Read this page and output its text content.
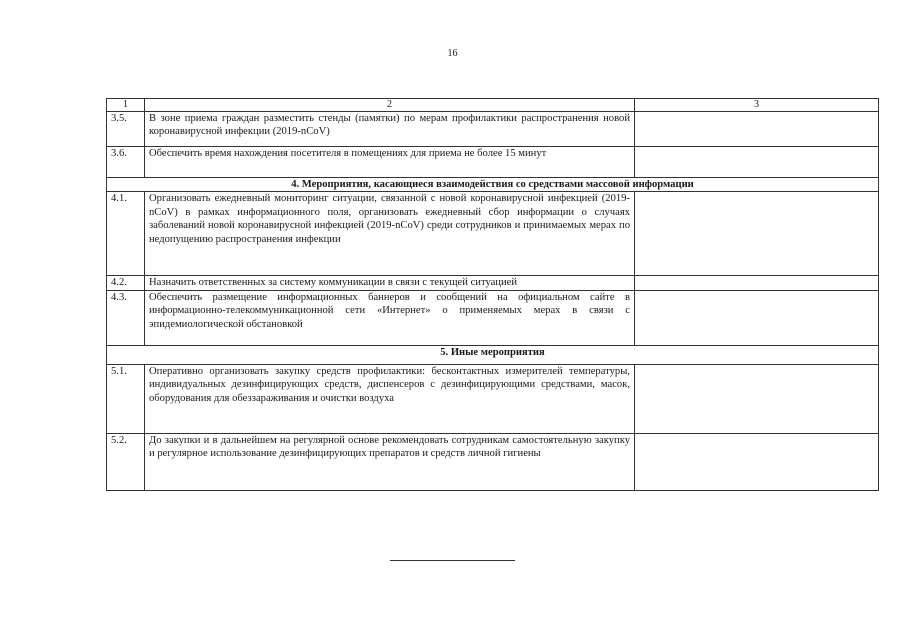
16
1	2	3
3.5.	В зоне приема граждан разместить стенды (памятки) по мерам профилактики распространения новой коронавирусной инфекции (2019-nCoV)	
3.6.	Обеспечить время нахождения посетителя в помещениях для приема не более 15 минут	
4. Мероприятия, касающиеся взаимодействия со средствами массовой информации		
4.1.	Организовать ежедневный мониторинг ситуации, связанной с новой коронавирусной инфекцией (2019-nCoV) в рамках информационного поля, организовать ежедневный сбор информации о случаях заболеваний новой коронавирусной инфекцией (2019-nCoV) среди сотрудников и принимаемых мерах по недопущению распространения инфекции	
4.2.	Назначить ответственных за систему коммуникации в связи с текущей ситуацией	
4.3.	Обеспечить размещение информационных баннеров и сообщений на официальном сайте в информационно-телекоммуникационной сети «Интернет» о применяемых мерах в связи с эпидемиологической обстановкой	
5. Иные мероприятия		
5.1.	Оперативно организовать закупку средств профилактики: бесконтактных измерителей температуры, индивидуальных дезинфицирующих средств, диспенсеров с дезинфицирующими средствами, масок, оборудования для обеззараживания и очистки воздуха	
5.2.	До закупки и в дальнейшем на регулярной основе рекомендовать сотрудникам самостоятельную закупку и регулярное использование дезинфицирующих препаратов и средств личной гигиены	
